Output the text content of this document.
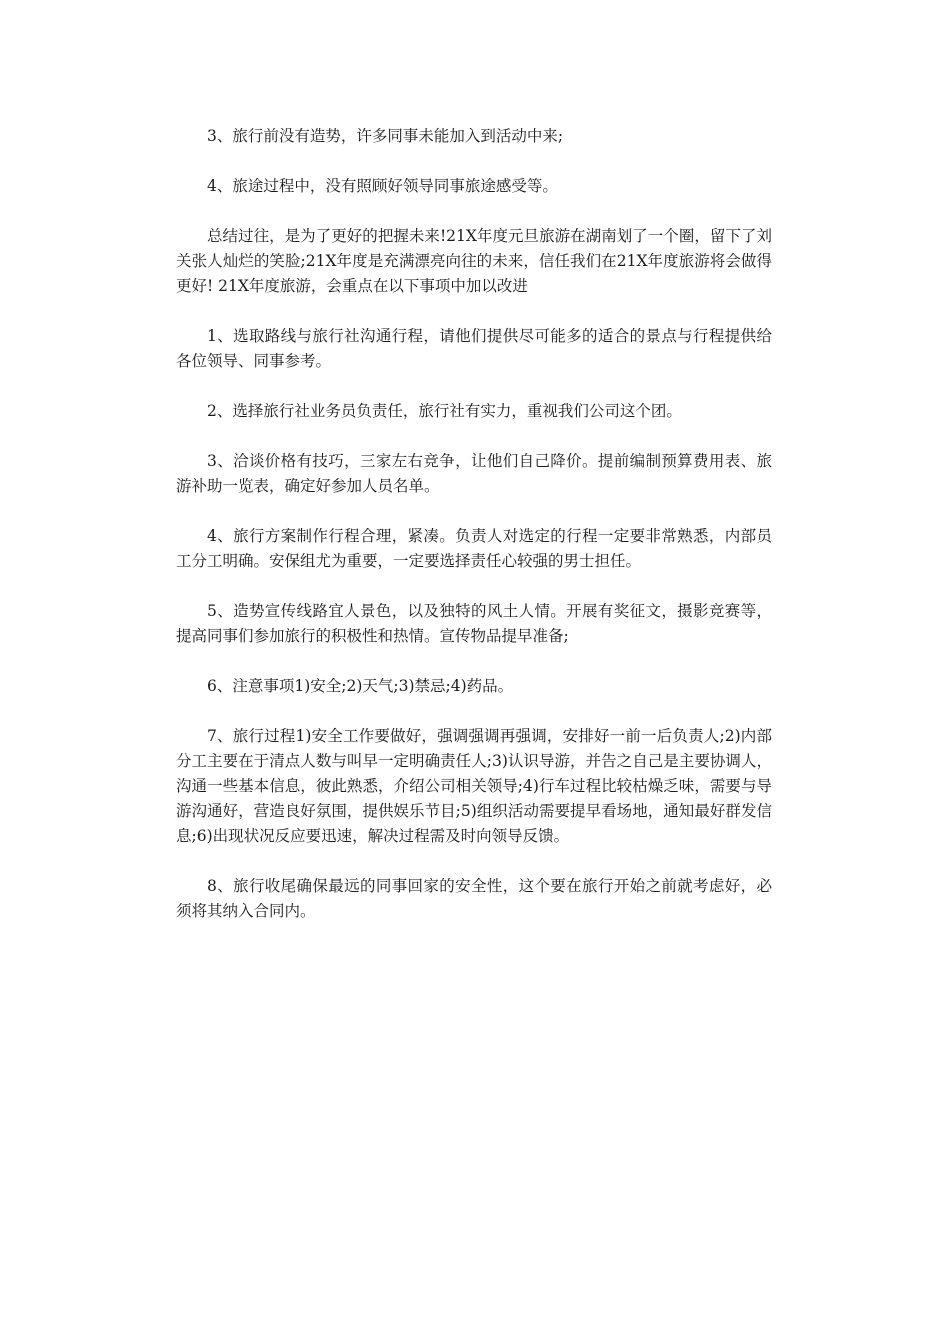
3、旅行前没有造势，许多同事未能加入到活动中来;

4、旅途过程中，没有照顾好领导同事旅途感受等。

总结过往，是为了更好的把握未来!21X年度元旦旅游在湖南划了一个圈，留下了刘关张人灿烂的笑脸;21X年度是充满漂亮向往的未来，信任我们在21X年度旅游将会做得更好! 21X年度旅游，会重点在以下事项中加以改进

1、选取路线与旅行社沟通行程，请他们提供尽可能多的适合的景点与行程提供给各位领导、同事参考。

2、选择旅行社业务员负责任，旅行社有实力，重视我们公司这个团。

3、洽谈价格有技巧，三家左右竞争，让他们自己降价。提前编制预算费用表、旅游补助一览表，确定好参加人员名单。

4、旅行方案制作行程合理，紧凑。负责人对选定的行程一定要非常熟悉，内部员工分工明确。安保组尤为重要，一定要选择责任心较强的男士担任。

5、造势宣传线路宜人景色，以及独特的风土人情。开展有奖征文，摄影竞赛等，提高同事们参加旅行的积极性和热情。宣传物品提早准备;

6、注意事项1)安全;2)天气;3)禁忌;4)药品。

7、旅行过程1)安全工作要做好，强调强调再强调，安排好一前一后负责人;2)内部分工主要在于清点人数与叫早一定明确责任人;3)认识导游，并告之自己是主要协调人，沟通一些基本信息，彼此熟悉，介绍公司相关领导;4)行车过程比较枯燥乏味，需要与导游沟通好，营造良好氛围，提供娱乐节目;5)组织活动需要提早看场地，通知最好群发信息;6)出现状况反应要迅速，解决过程需及时向领导反馈。

8、旅行收尾确保最远的同事回家的安全性，这个要在旅行开始之前就考虑好，必须将其纳入合同内。
